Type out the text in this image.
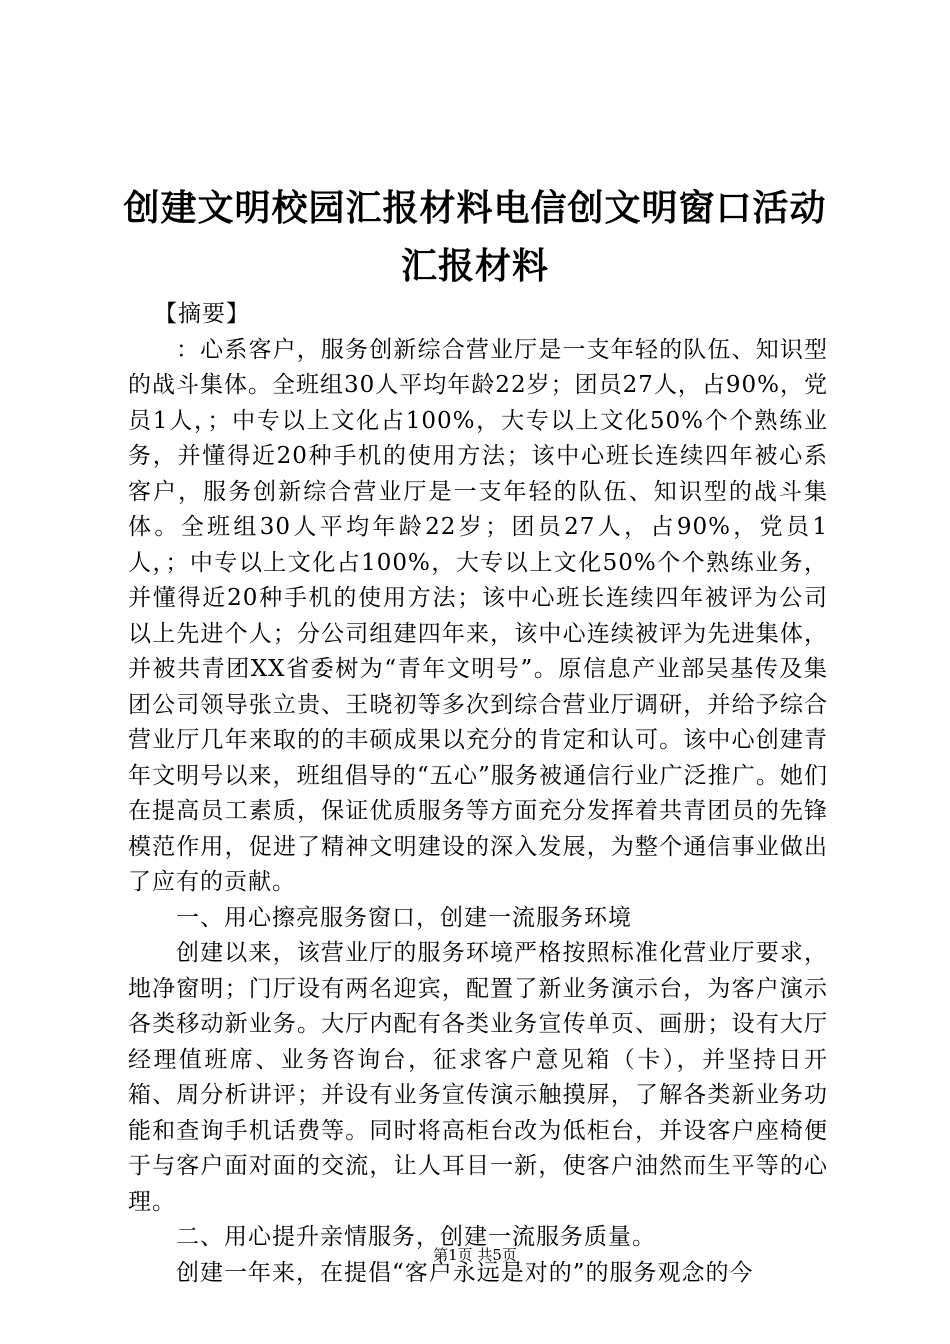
创建文明校园汇报材料电信创文明窗口活动汇报材料

【摘要】

：心系客户，服务创新综合营业厅是一支年轻的队伍、知识型的战斗集体。全班组30人平均年龄22岁；团员27人，占90%，党员1人，；中专以上文化占100%，大专以上文化50%个个熟练业务，并懂得近20种手机的使用方法；该中心班长连续四年被心系客户，服务创新综合营业厅是一支年轻的队伍、知识型的战斗集体。全班组30人平均年龄22岁；团员27人，占90%，党员1人，；中专以上文化占100%，大专以上文化50%个个熟练业务，并懂得近20种手机的使用方法；该中心班长连续四年被评为公司以上先进个人；分公司组建四年来，该中心连续被评为先进集体，并被共青团XX省委树为“青年文明号”。原信息产业部吴基传及集团公司领导张立贵、王晓初等多次到综合营业厅调研，并给予综合营业厅几年来取的的丰硕成果以充分的肯定和认可。该中心创建青年文明号以来，班组倡导的“五心”服务被通信行业广泛推广。她们在提高员工素质，保证优质服务等方面充分发挥着共青团员的先锋模范作用，促进了精神文明建设的深入发展，为整个通信事业做出了应有的贡献。

一、用心擦亮服务窗口，创建一流服务环境

创建以来，该营业厅的服务环境严格按照标准化营业厅要求，地净窗明；门厅设有两名迎宾，配置了新业务演示台，为客户演示各类移动新业务。大厅内配有各类业务宣传单页、画册；设有大厅经理值班席、业务咨询台，征求客户意见箱（卡），并坚持日开箱、周分析讲评；并设有业务宣传演示触摸屏，了解各类新业务功能和查询手机话费等。同时将高柜台改为低柜台，并设客户座椅便于与客户面对面的交流，让人耳目一新，使客户油然而生平等的心理。

二、用心提升亲情服务，创建一流服务质量。

创建一年来，在提倡“客户永远是对的”的服务观念的今

第1页 共5页
